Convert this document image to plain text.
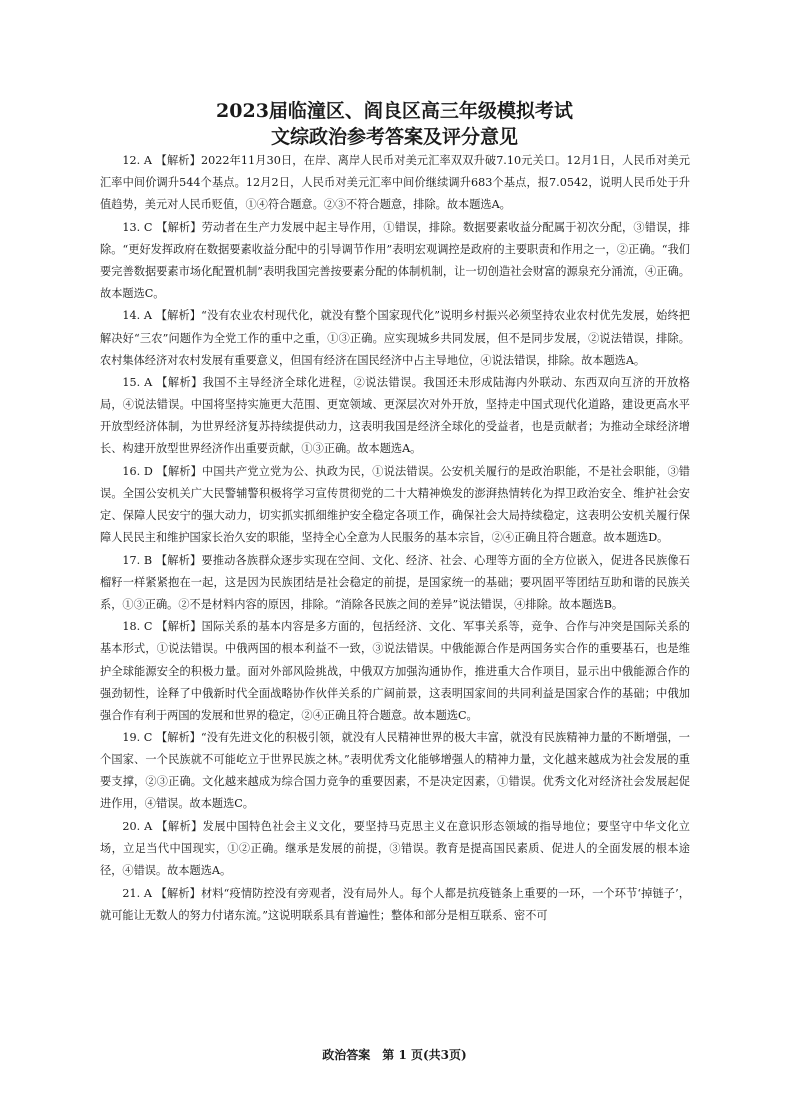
2023届临潼区、阎良区高三年级模拟考试
文综政治参考答案及评分意见

12. A 【解析】2022年11月30日，在岸、离岸人民币对美元汇率双双升破7.10元关口。12月1日，人民币对美元汇率中间价调升544个基点。12月2日，人民币对美元汇率中间价继续调升683个基点，报7.0542，说明人民币处于升值趋势，美元对人民币贬值，①④符合题意。②③不符合题意，排除。故本题选A。

13. C 【解析】劳动者在生产力发展中起主导作用，①错误，排除。数据要素收益分配属于初次分配，③错误，排除。“更好发挥政府在数据要素收益分配中的引导调节作用”表明宏观调控是政府的主要职责和作用之一，②正确。“我们要完善数据要素市场化配置机制”表明我国完善按要素分配的体制机制，让一切创造社会财富的源泉充分涌流，④正确。故本题选C。

14. A 【解析】“没有农业农村现代化，就没有整个国家现代化”说明乡村振兴必须坚持农业农村优先发展，始终把解决好“三农”问题作为全党工作的重中之重，①③正确。应实现城乡共同发展，但不是同步发展，②说法错误，排除。农村集体经济对农村发展有重要意义，但国有经济在国民经济中占主导地位，④说法错误，排除。故本题选A。

15. A 【解析】我国不主导经济全球化进程，②说法错误。我国还未形成陆海内外联动、东西双向互济的开放格局，④说法错误。中国将坚持实施更大范围、更宽领域、更深层次对外开放，坚持走中国式现代化道路，建设更高水平开放型经济体制，为世界经济复苏持续提供动力，这表明我国是经济全球化的受益者，也是贡献者；为推动全球经济增长、构建开放型世界经济作出重要贡献，①③正确。故本题选A。

16. D 【解析】中国共产党立党为公、执政为民，①说法错误。公安机关履行的是政治职能，不是社会职能，③错误。全国公安机关广大民警辅警积极将学习宣传贯彻党的二十大精神焕发的澎湃热情转化为捍卫政治安全、维护社会安定、保障人民安宁的强大动力，切实抓实抓细维护安全稳定各项工作，确保社会大局持续稳定，这表明公安机关履行保障人民民主和维护国家长治久安的职能，坚持全心全意为人民服务的基本宗旨，②④正确且符合题意。故本题选D。

17. B 【解析】要推动各族群众逐步实现在空间、文化、经济、社会、心理等方面的全方位嵌入，促进各民族像石榴籽一样紧紧抱在一起，这是因为民族团结是社会稳定的前提，是国家统一的基础；要巩固平等团结互助和谐的民族关系，①③正确。②不是材料内容的原因，排除。“消除各民族之间的差异”说法错误，④排除。故本题选B。

18. C 【解析】国际关系的基本内容是多方面的，包括经济、文化、军事关系等，竞争、合作与冲突是国际关系的基本形式，①说法错误。中俄两国的根本利益不一致，③说法错误。中俄能源合作是两国务实合作的重要基石，也是维护全球能源安全的积极力量。面对外部风险挑战，中俄双方加强沟通协作，推进重大合作项目，显示出中俄能源合作的强劲韧性，诠释了中俄新时代全面战略协作伙伴关系的广阔前景，这表明国家间的共同利益是国家合作的基础；中俄加强合作有利于两国的发展和世界的稳定，②④正确且符合题意。故本题选C。

19. C 【解析】“没有先进文化的积极引领，就没有人民精神世界的极大丰富，就没有民族精神力量的不断增强，一个国家、一个民族就不可能屹立于世界民族之林。”表明优秀文化能够增强人的精神力量，文化越来越成为社会发展的重要支撑，②③正确。文化越来越成为综合国力竞争的重要因素，不是决定因素，①错误。优秀文化对经济社会发展起促进作用，④错误。故本题选C。

20. A 【解析】发展中国特色社会主义文化，要坚持马克思主义在意识形态领域的指导地位；要坚守中华文化立场，立足当代中国现实，①②正确。继承是发展的前提，③错误。教育是提高国民素质、促进人的全面发展的根本途径，④错误。故本题选A。

21. A 【解析】材料“疫情防控没有旁观者，没有局外人。每个人都是抗疫链条上重要的一环，一个环节‘掉链子’，就可能让无数人的努力付诸东流。”这说明联系具有普遍性；整体和部分是相互联系、密不可

政治答案　第 1 页(共3页)
